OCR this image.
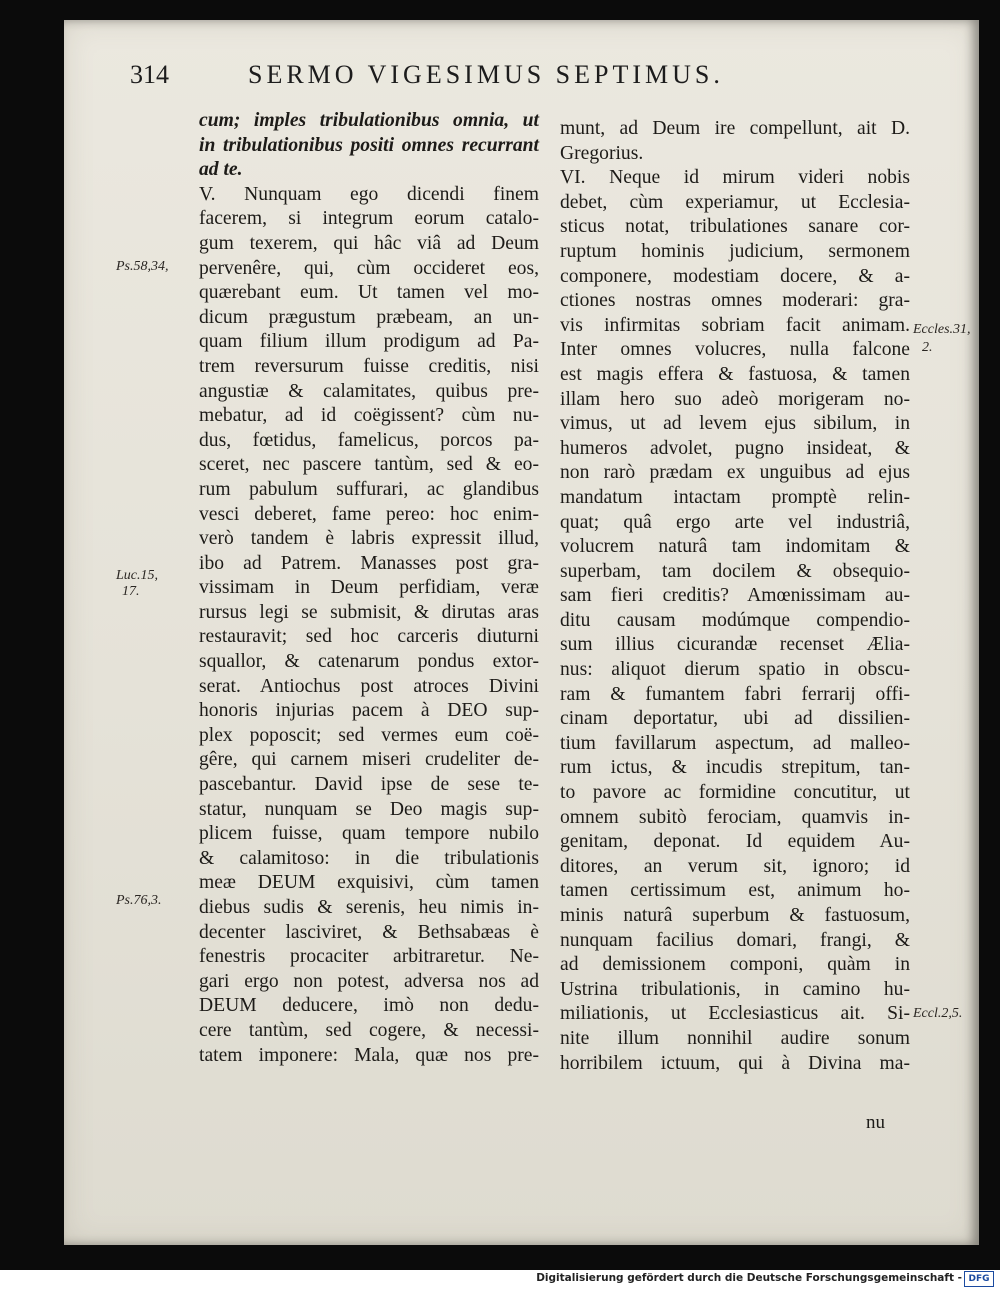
314	SERMO VIGESIMUS SEPTIMUS.
cum; imples tribulationibus omnia, ut
in tribulationibus positi omnes recurrant
ad te.
V. Nunquam ego dicendi finem
facerem, si integrum eorum catalo-
gum texerem, qui hâc viâ ad Deum
pervenêre, qui, cùm occideret eos,
quærebant eum. Ut tamen vel mo-
dicum prægustum præbeam, an un-
quam filium illum prodigum ad Pa-
trem reversurum fuisse creditis, nisi
angustiæ & calamitates, quibus pre-
mebatur, ad id coëgissent? cùm nu-
dus, fœtidus, famelicus, porcos pa-
sceret, nec pascere tantùm, sed & eo-
rum pabulum suffurari, ac glandibus
vesci deberet, fame pereo: hoc enim-
verò tandem è labris expressit illud,
ibo ad Patrem. Manasses post gra-
vissimam in Deum perfidiam, veræ
rursus legi se submisit, & dirutas aras
restauravit; sed hoc carceris diuturni
squallor, & catenarum pondus extor-
serat. Antiochus post atroces Divini
honoris injurias pacem à DEO sup-
plex poposcit; sed vermes eum coë-
gêre, qui carnem miseri crudeliter de-
pascebantur. David ipse de sese te-
statur, nunquam se Deo magis sup-
plicem fuisse, quam tempore nubilo
& calamitoso: in die tribulationis
meæ DEUM exquisivi, cùm tamen
diebus sudis & serenis, heu nimis in-
decenter lasciviret, & Bethsabæas è
fenestris procaciter arbitraretur. Ne-
gari ergo non potest, adversa nos ad
DEUM deducere, imò non dedu-
cere tantùm, sed cogere, & necessi-
tatem imponere: Mala, quæ nos pre-
munt, ad Deum ire compellunt, ait D.
Gregorius.
VI. Neque id mirum videri nobis
debet, cùm experiamur, ut Ecclesia-
sticus notat, tribulationes sanare cor-
ruptum hominis judicium, sermonem
componere, modestiam docere, & a-
ctiones nostras omnes moderari: gra-
vis infirmitas sobriam facit animam.
Inter omnes volucres, nulla falcone
est magis effera & fastuosa, & tamen
illam hero suo adeò morigeram no-
vimus, ut ad levem ejus sibilum, in
humeros advolet, pugno insideat, &
non rarò prædam ex unguibus ad ejus
mandatum intactam promptè relin-
quat; quâ ergo arte vel industriâ,
volucrem naturâ tam indomitam &
superbam, tam docilem & obsequio-
sam fieri creditis? Amœnissimam au-
ditu causam modúmque compendio-
sum illius cicurandæ recenset Ælia-
nus: aliquot dierum spatio in obscu-
ram & fumantem fabri ferrarij offi-
cinam deportatur, ubi ad dissilien-
tium favillarum aspectum, ad malleo-
rum ictus, & incudis strepitum, tan-
to pavore ac formidine concutitur, ut
omnem subitò ferociam, quamvis in-
genitam, deponat. Id equidem Au-
ditores, an verum sit, ignoro; id
tamen certissimum est, animum ho-
minis naturâ superbum & fastuosum,
nunquam facilius domari, frangi, &
ad demissionem componi, quàm in
Ustrina tribulationis, in camino hu-
miliationis, ut Ecclesiasticus ait. Si-
nite illum nonnihil audire sonum
horribilem ictuum, qui à Divina ma-
Ps.58,34,
Luc.15,
17.
Ps.76,3.
Eccles.31,
2.
Eccl.2,5.
nu
Digitalisierung gefördert durch die Deutsche Forschungsgemeinschaft - DFG
